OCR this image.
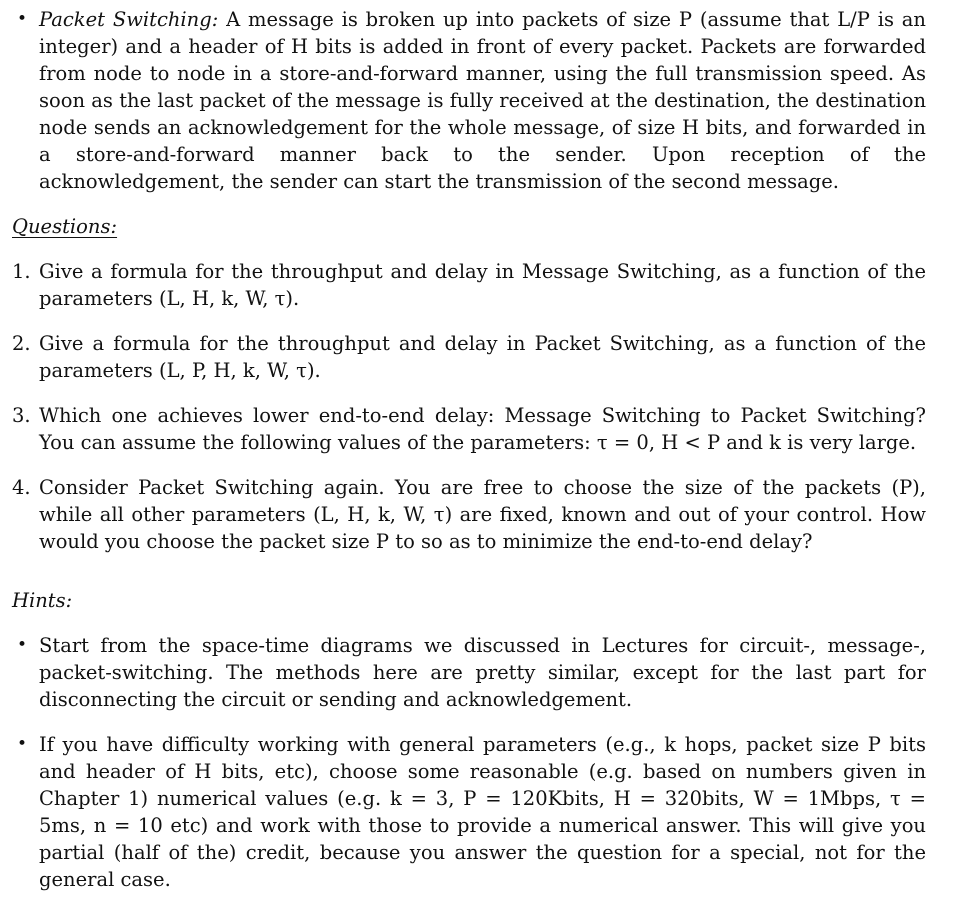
• Packet Switching: A message is broken up into packets of size P (assume that L/P is an integer) and a header of H bits is added in front of every packet. Packets are forwarded from node to node in a store-and-forward manner, using the full transmission speed. As soon as the last packet of the message is fully received at the destination, the destination node sends an acknowledgement for the whole message, of size H bits, and forwarded in a store-and-forward manner back to the sender. Upon reception of the acknowledgement, the sender can start the transmission of the second message.
Questions:
1. Give a formula for the throughput and delay in Message Switching, as a function of the parameters (L, H, k, W, τ).
2. Give a formula for the throughput and delay in Packet Switching, as a function of the parameters (L, P, H, k, W, τ).
3. Which one achieves lower end-to-end delay: Message Switching to Packet Switching? You can assume the following values of the parameters: τ = 0, H < P and k is very large.
4. Consider Packet Switching again. You are free to choose the size of the packets (P), while all other parameters (L, H, k, W, τ) are fixed, known and out of your control. How would you choose the packet size P to so as to minimize the end-to-end delay?
Hints:
• Start from the space-time diagrams we discussed in Lectures for circuit-, message-, packet-switching. The methods here are pretty similar, except for the last part for disconnecting the circuit or sending and acknowledgement.
• If you have difficulty working with general parameters (e.g., k hops, packet size P bits and header of H bits, etc), choose some reasonable (e.g. based on numbers given in Chapter 1) numerical values (e.g. k = 3, P = 120Kbits, H = 320bits, W = 1Mbps, τ = 5ms, n = 10 etc) and work with those to provide a numerical answer. This will give you partial (half of the) credit, because you answer the question for a special, not for the general case.
